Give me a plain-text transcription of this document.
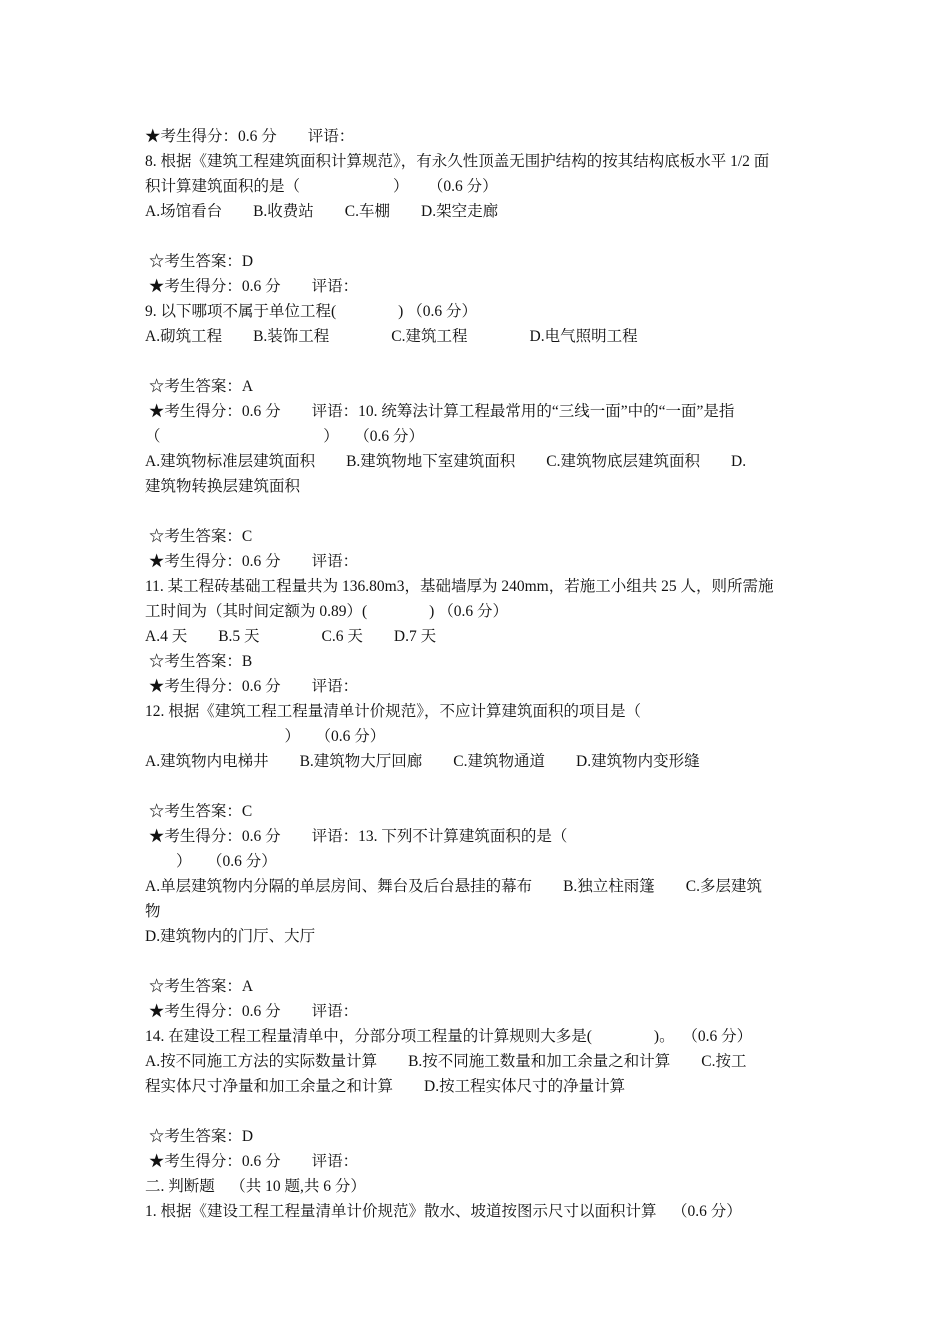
★考生得分：0.6 分        评语：
8. 根据《建筑工程建筑面积计算规范》，有永久性顶盖无围护结构的按其结构底板水平 1/2 面
积计算建筑面积的是（                        ）     （0.6 分）
A.场馆看台        B.收费站        C.车棚        D.架空走廊
☆考生答案：D
★考生得分：0.6 分        评语：
9. 以下哪项不属于单位工程(                ) （0.6 分）
A.砌筑工程        B.装饰工程                C.建筑工程                D.电气照明工程
☆考生答案：A
★考生得分：0.6 分        评语：10. 统筹法计算工程最常用的“三线一面”中的“一面”是指
（                                          ）    （0.6 分）
A.建筑物标准层建筑面积        B.建筑物地下室建筑面积        C.建筑物底层建筑面积        D.
建筑物转换层建筑面积
☆考生答案：C
★考生得分：0.6 分        评语：
11. 某工程砖基础工程量共为 136.80m3，基础墙厚为 240mm，若施工小组共 25 人，则所需施
工时间为（其时间定额为 0.89）(                ) （0.6 分）
A.4 天        B.5 天                C.6 天        D.7 天
☆考生答案：B
★考生得分：0.6 分        评语：
12. 根据《建筑工程工程量清单计价规范》，不应计算建筑面积的项目是（
）    （0.6 分）
A.建筑物内电梯井        B.建筑物大厅回廊        C.建筑物通道        D.建筑物内变形缝
☆考生答案：C
★考生得分：0.6 分        评语：13. 下列不计算建筑面积的是（
）    （0.6 分）
A.单层建筑物内分隔的单层房间、舞台及后台悬挂的幕布        B.独立柱雨篷        C.多层建筑
物
D.建筑物内的门厅、大厅
☆考生答案：A
★考生得分：0.6 分        评语：
14. 在建设工程工程量清单中，分部分项工程量的计算规则大多是(                )。  （0.6 分）
A.按不同施工方法的实际数量计算        B.按不同施工数量和加工余量之和计算        C.按工
程实体尺寸净量和加工余量之和计算        D.按工程实体尺寸的净量计算
☆考生答案：D
★考生得分：0.6 分        评语：
二. 判断题    （共 10 题,共 6 分）
1. 根据《建设工程工程量清单计价规范》散水、坡道按图示尺寸以面积计算    （0.6 分）
